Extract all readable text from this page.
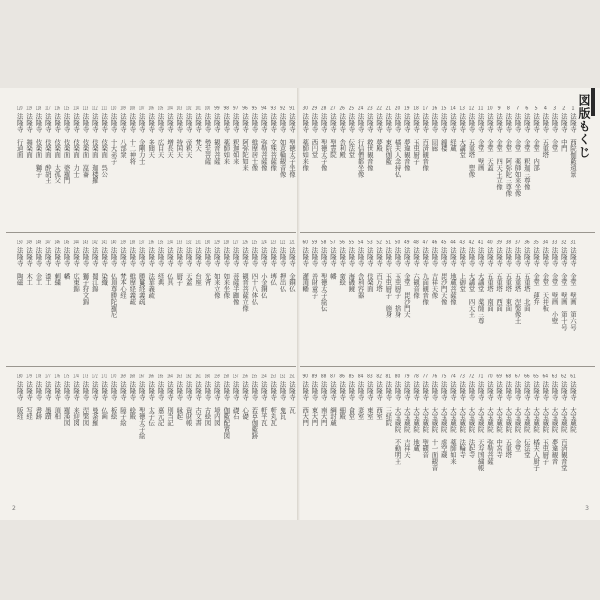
91 法隆寺　聖徳太子坐像
92 法隆寺　如意輪観音像
93 法隆寺　文殊菩薩像
94 法隆寺　弥勒菩薩像
95 法隆寺　維摩居士像
96 法隆寺　阿弥陀如来
97 法隆寺　釈迦如来
98 法隆寺　薬師如来
99 法隆寺　観音菩薩
100 法隆寺　勢至菩薩
101 法隆寺　梵天
102 法隆寺　帝釈天
103 法隆寺　持国天
104 法隆寺　増長天
105 法隆寺　広目天
106 法隆寺　多聞天
107 法隆寺　金剛力士
108 法隆寺　十二神将
109 法隆寺　八部衆
110 法隆寺　十大弟子
111 法隆寺　伎楽面　呉公
112 法隆寺　伎楽面　迦楼羅
113 法隆寺　伎楽面　崑崙
114 法隆寺　伎楽面　力士
115 法隆寺　伎楽面　婆羅門
116 法隆寺　伎楽面　太孤父
117 法隆寺　伎楽面　酔胡王
118 法隆寺　伎楽面　獅子
119 法隆寺　舞楽面
120 法隆寺　行道面
121 法隆寺　金銅仏
122 法隆寺　押出仏
123 法隆寺　塼仏
124 法隆寺　小金銅仏
125 法隆寺　四十八体仏
126 法隆寺　観音菩薩立像
127 法隆寺　菩薩半跏像
128 法隆寺　如来坐像
129 法隆寺　如来立像
130 法隆寺　光背
131 法隆寺　台座
132 法隆寺　天蓋
133 法隆寺　厨子
134 法隆寺　仏具
135 法隆寺　経典
136 法隆寺　法華義疏
137 法隆寺　勝鬘経義疏
138 法隆寺　維摩経義疏
139 法隆寺　梵本心経
140 法隆寺　仏頂尊勝陀羅尼
141 法隆寺　染織
142 法隆寺　蜀江錦
143 法隆寺　獅子狩文錦
144 法隆寺　広東錦
145 法隆寺　幡
146 法隆寺　刺繍
147 法隆寺　漆工
148 法隆寺　金工
149 法隆寺　木工
150 法隆寺　陶磁
151 法隆寺　瓦
152 法隆寺　鬼瓦
153 法隆寺　軒丸瓦
154 法隆寺　軒平瓦
155 法隆寺　若草伽藍跡
156 法隆寺　心礎
157 法隆寺　礎石
158 法隆寺　伽藍配置図
159 法隆寺　境内図
160 法隆寺　古絵図
161 法隆寺　古文書
162 法隆寺　資財帳
163 法隆寺　縁起
164 法隆寺　別当記
165 法隆寺　嘉元記
166 法隆寺　太子伝
167 法隆寺　聖徳太子絵
168 法隆寺　絵殿
169 法隆寺　障子絵
170 法隆寺　板絵
171 法隆寺　仏画
172 法隆寺　曼荼羅
173 法隆寺　涅槃図
174 法隆寺　来迎図
175 法隆寺　羅漢図
176 法隆寺　頂相
177 法隆寺　墨蹟
178 法隆寺　書跡
179 法隆寺　写経
180 法隆寺　版経
2
図版もくじ
1 法隆寺　西院伽藍遠景
2 法隆寺　中門
3 法隆寺　金堂
4 法隆寺　五重塔
5 法隆寺　金堂　内部
6 法隆寺　金堂　釈迦三尊像
7 法隆寺　金堂　薬師如来坐像
8 法隆寺　金堂　阿弥陀三尊像
9 法隆寺　金堂　四天王立像
10 法隆寺　金堂　天蓋
11 法隆寺　金堂　壁画
12 法隆寺　五重塔　塑像
13 法隆寺　大講堂
14 法隆寺　経蔵
15 法隆寺　鐘楼
16 法隆寺　回廊
17 法隆寺　百済観音像
18 法隆寺　玉虫厨子
19 法隆寺　夢違観音像
20 法隆寺　橘夫人念持仏
21 法隆寺　東院伽藍
22 法隆寺　夢殿
23 法隆寺　救世観音像
24 法隆寺　行信僧都坐像
25 法隆寺　伝法堂
26 法隆寺　舎利殿
27 法隆寺　聖霊院
28 法隆寺　聖徳太子像
29 法隆寺　西円堂
30 法隆寺　薬師如来像
31 法隆寺　金堂　壁画　第六号
32 法隆寺　金堂　壁画　第十号
33 法隆寺　金堂　壁画　小壁
34 法隆寺　金堂　天井板
35 法隆寺　金堂　蓮弁
36 法隆寺　五重塔　北面
37 法隆寺　五重塔　涅槃像土
38 法隆寺　五重塔　東面
39 法隆寺　五重塔　西面
40 法隆寺　五重塔　南面
41 法隆寺　大講堂　薬師三尊
42 法隆寺　大講堂　四天王
43 法隆寺　上御堂
44 法隆寺　地蔵菩薩像
45 法隆寺　毘沙門天像
46 法隆寺　吉祥天像
47 法隆寺　九面観音像
48 法隆寺　六観音像
49 法隆寺　金堂　毘沙門天
50 法隆寺　玉虫厨子　捨身
51 法隆寺　玉虫厨子　施身
52 法隆寺　百万塔
53 法隆寺　伎楽面
54 法隆寺　舎利容器
55 法隆寺　海磯鏡
56 法隆寺　蛮絵
57 法隆寺　幡
58 法隆寺　聖徳太子絵伝
59 法隆寺　善財童子
60 法隆寺　灌頂幡
61 法隆寺　大宝蔵院
62 法隆寺　大宝蔵院　百済観音堂
63 法隆寺　大宝蔵院　夢違観音
64 法隆寺　大宝蔵院　玉虫厨子
65 法隆寺　大宝蔵院　橘夫人厨子
66 法隆寺　大宝蔵院　伝法堂
67 法隆寺　大宝蔵院　金堂
68 法隆寺　大宝蔵院　五重塔
69 法隆寺　大宝蔵院　中宮寺
70 法隆寺　大宝蔵院　弥勒菩薩
71 法隆寺　大宝蔵院　天寿国繍帳
72 法隆寺　大宝蔵院　法起寺
73 法隆寺　大宝蔵院　法輪寺
74 法隆寺　大宝蔵院　薬師如来
75 法隆寺　大宝蔵院　虚空蔵
76 法隆寺　大宝蔵院　十一面観音
77 法隆寺　大宝蔵院　聖観音
78 法隆寺　大宝蔵院　地蔵
79 法隆寺　大宝蔵院　吉祥天
80 法隆寺　大宝蔵院　不動明王
81 法隆寺　三経院
82 法隆寺　西室
83 法隆寺　東室
84 法隆寺　妻室
85 法隆寺　食堂
86 法隆寺　細殿
87 法隆寺　綱封蔵
88 法隆寺　南大門
89 法隆寺　東大門
90 法隆寺　西大門
3
